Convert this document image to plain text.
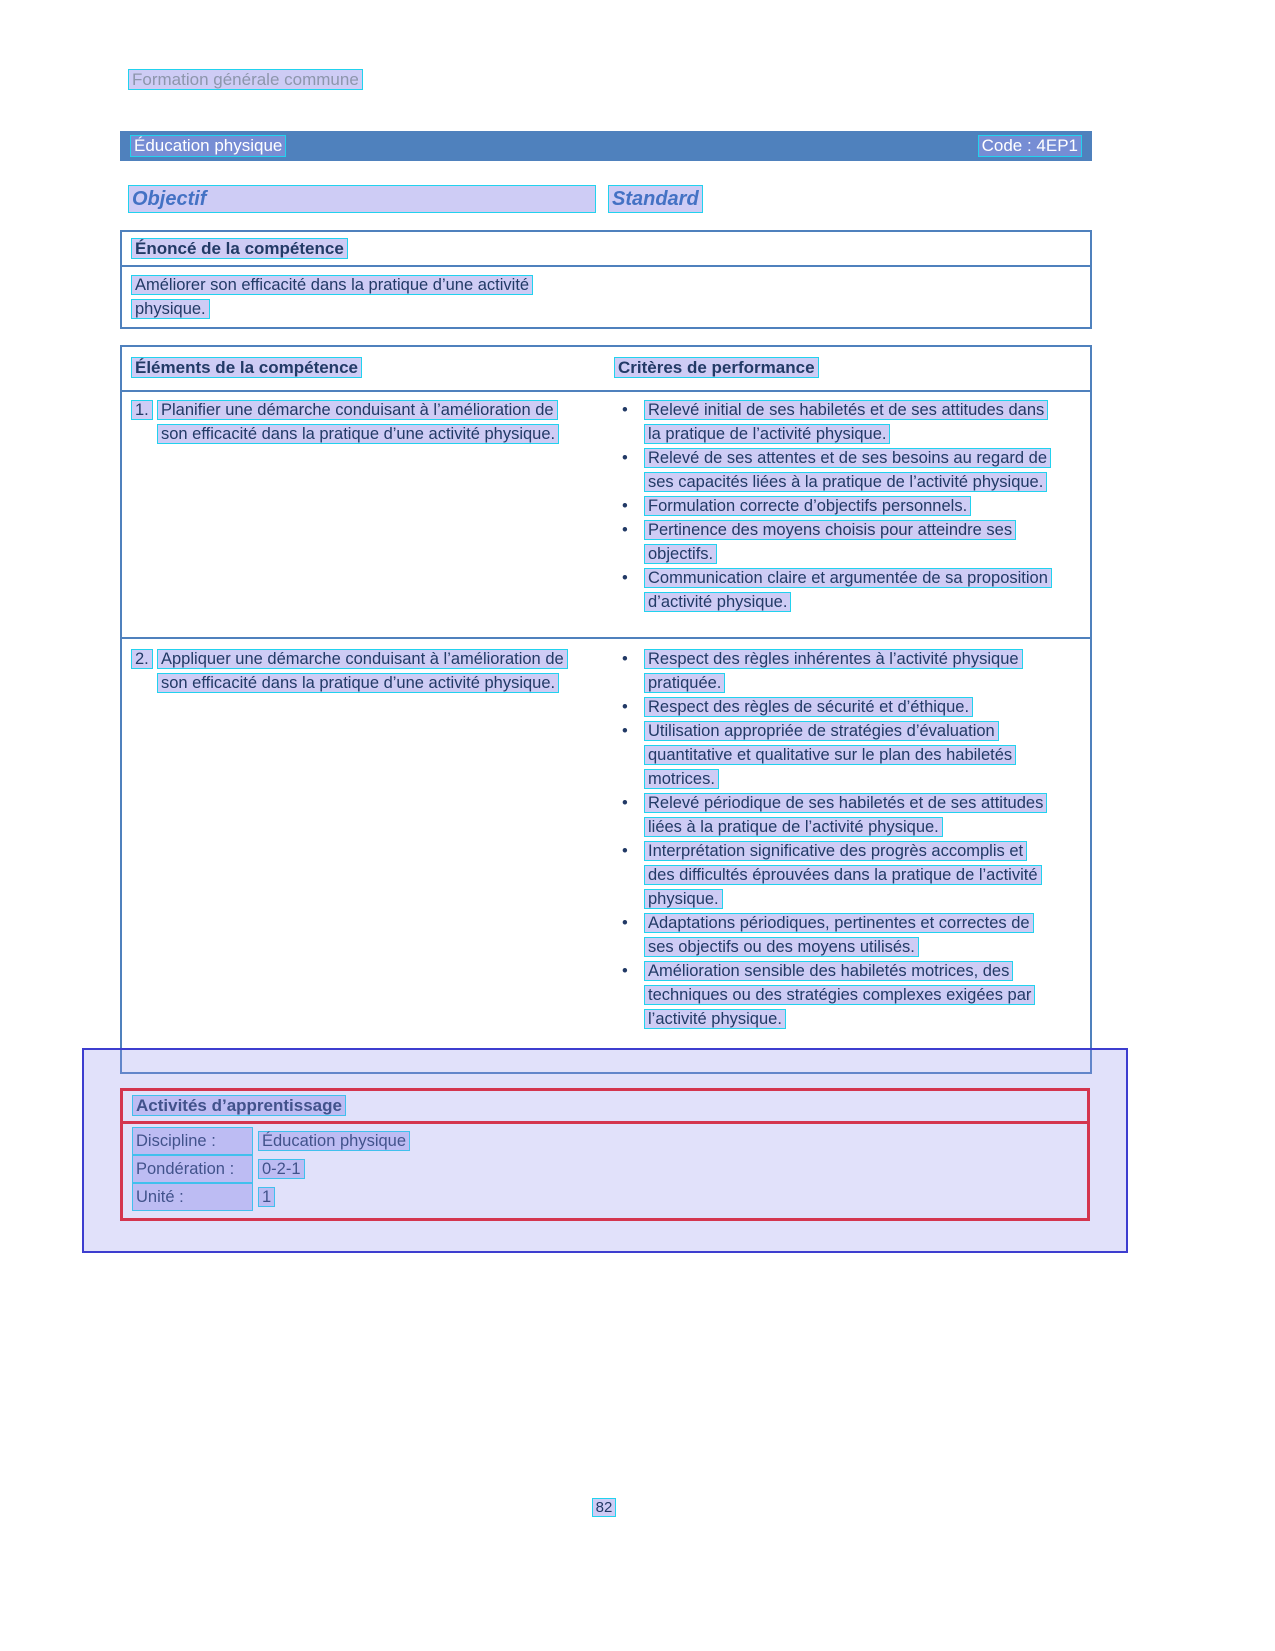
Formation générale commune
Éducation physique	Code : 4EP1
Objectif	Standard
Énoncé de la compétence
Améliorer son efficacité dans la pratique d’une activité physique.
Éléments de la compétence	Critères de performance
1. Planifier une démarche conduisant à l’amélioration de son efficacité dans la pratique d’une activité physique.
•	Relevé initial de ses habiletés et de ses attitudes dans la pratique de l’activité physique.
•	Relevé de ses attentes et de ses besoins au regard de ses capacités liées à la pratique de l’activité physique.
•	Formulation correcte d’objectifs personnels.
•	Pertinence des moyens choisis pour atteindre ses objectifs.
•	Communication claire et argumentée de sa proposition d’activité physique.
2. Appliquer une démarche conduisant à l’amélioration de son efficacité dans la pratique d’une activité physique.
•	Respect des règles inhérentes à l’activité physique pratiquée.
•	Respect des règles de sécurité et d’éthique.
•	Utilisation appropriée de stratégies d’évaluation quantitative et qualitative sur le plan des habiletés motrices.
•	Relevé périodique de ses habiletés et de ses attitudes liées à la pratique de l’activité physique.
•	Interprétation significative des progrès accomplis et des difficultés éprouvées dans la pratique de l’activité physique.
•	Adaptations périodiques, pertinentes et correctes de ses objectifs ou des moyens utilisés.
•	Amélioration sensible des habiletés motrices, des techniques ou des stratégies complexes exigées par l’activité physique.
Activités d’apprentissage
Discipline :	Éducation physique
Pondération : 0-2-1
Unité :	1
82
